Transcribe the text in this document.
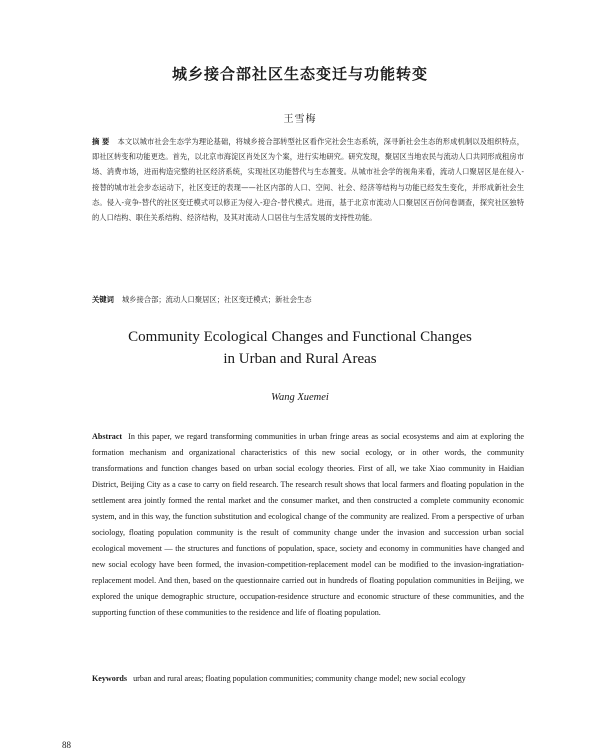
城乡接合部社区生态变迁与功能转变
王雪梅
摘 要 本文以城市社会生态学为理论基础，将城乡接合部转型社区看作完社会生态系统，深寻新社会生态的形成机制以及组织特点，即社区转变和功能更迭。首先，以北京市海淀区肖处区为个案，进行实地研究。研究发现，聚居区当地农民与流动人口共同形成租房市场、消费市场，进而构造完整的社区经济系统，实现社区功能替代与生态置变。从城市社会学的视角来看，流动人口聚居区是在侵入-接替的城市社会步态运动下，社区变迁的表现——社区内部的人口、空间、社会、经济等结构与功能已经发生变化，并形成新社会生态。侵入-竞争-替代的社区变迁模式可以修正为侵入-迎合-替代模式。进而，基于北京市流动人口聚居区百份问卷调查，探究社区独特的人口结构、职住关系结构、经济结构，及其对流动人口居住与生活发展的支持性功能。
关键词 城乡接合部；流动人口聚居区；社区变迁模式；新社会生态
Community Ecological Changes and Functional Changes
in Urban and Rural Areas
Wang Xuemei
Abstract In this paper, we regard transforming communities in urban fringe areas as social ecosystems and aim at exploring the formation mechanism and organizational characteristics of this new social ecology, or in other words, the community transformations and function changes based on urban social ecology theories. First of all, we take Xiao community in Haidian District, Beijing City as a case to carry on field research. The research result shows that local farmers and floating population in the settlement area jointly formed the rental market and the consumer market, and then constructed a complete community economic system, and in this way, the function substitution and ecological change of the community are realized. From a perspective of urban sociology, floating population community is the result of community change under the invasion and succession urban social ecological movement — the structures and functions of population, space, society and economy in communities have changed and new social ecology have been formed, the invasion-competition-replacement model can be modified to the invasion-ingratiation-replacement model. And then, based on the questionnaire carried out in hundreds of floating population communities in Beijing, we explored the unique demographic structure, occupation-residence structure and economic structure of these communities, and the supporting function of these communities to the residence and life of floating population.
Keywords urban and rural areas; floating population communities; community change model; new social ecology
88
